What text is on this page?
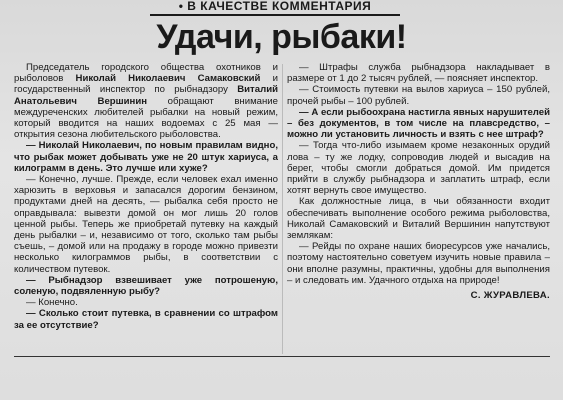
• В КАЧЕСТВЕ КОММЕНТАРИЯ
Удачи, рыбаки!

Председатель городского общества охотников и рыболовов Николай Николаевич Самаковский и государственный инспектор по рыбнадзору Виталий Анатольевич Вершинин обращают внимание междуреченских любителей рыбалки на новый режим, который вводится на наших водоемах с 25 мая — открытия сезона любительского рыболовства.

— Николай Николаевич, по новым правилам видно, что рыбак может добывать уже не 20 штук хариуса, а килограмм в день. Это лучше или хуже?

— Конечно, лучше. Прежде, если человек ехал именно харюзить в верховья и запасался дорогим бензином, продуктами дней на десять, — рыбалка себя просто не оправдывала: вывезти домой он мог лишь 20 голов ценной рыбы. Теперь же приобретай путевку на каждый день рыбалки – и, независимо от того, сколько там рыбы съешь, – домой или на продажу в городе можно привезти несколько килограммов рыбы, в соответствии с количеством путевок.

— Рыбнадзор взвешивает уже потрошеную, соленую, подвяленную рыбу?

— Конечно.

— Сколько стоит путевка, в сравнении со штрафом за ее отсутствие?

— Штрафы служба рыбнадзора накладывает в размере от 1 до 2 тысяч рублей, — поясняет инспектор.

— Стоимость путевки на вылов хариуса – 150 рублей, прочей рыбы – 100 рублей.

— А если рыбоохрана настигла явных нарушителей – без документов, в том числе на плавсредство, – можно ли установить личность и взять с нее штраф?

— Тогда что-либо изымаем кроме незаконных орудий лова – ту же лодку, сопроводив людей и высадив на берег, чтобы смогли добраться домой. Им придется прийти в службу рыбнадзора и заплатить штраф, если хотят вернуть свое имущество.

Как должностные лица, в чьи обязанности входит обеспечивать выполнение особого режима рыболовства, Николай Самаковский и Виталий Вершинин напутствуют землякам:

— Рейды по охране наших биоресурсов уже начались, поэтому настоятельно советуем изучить новые правила – они вполне разумны, практичны, удобны для выполнения – и следовать им. Удачного отдыха на природе!

С. ЖУРАВЛЕВА.
